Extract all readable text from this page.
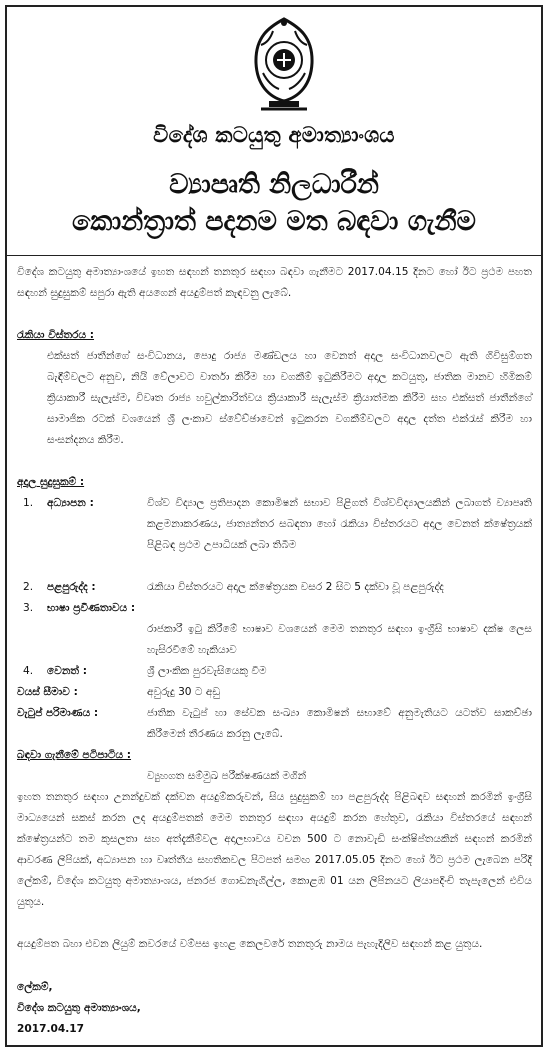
විදේශ කටයුතු අමාත්‍යාංශය
ව්‍යාපෘති නිලධාරීන්
කොන්ත්‍රාත් පදනම මත බඳවා ගැනීම
විදේශ කටයුතු අමාත්‍යාංශයේ ඉහත සඳහන් තනතුර සඳහා බඳවා ගැනීමට 2017.04.15 දිනට හෝ ඊට ප්‍රථම පහත සඳහන් සුදුසුකම් සපුරා ඇති අයගෙන් අයදුම්පත් කැඳවනු ලැබේ.
රැකියා විස්තරය :
එක්සත් ජාතීන්ගේ සංවිධානය, පොදු රාජ්‍ය මණ්ඩලය හා වෙනත් අදාල සංවිධානවලට ඇති ගිවිසුම්ගත බැඳීම්වලට අනුව, නියි වේලාවට වාර්තා කිරීම හා වගකීම් ඉටුකිරීමට අදාල කටයුතු, ජාතික මානව හිමිකම් ක්‍රියාකාරී සැලැස්ම, විවෘත රාජ්‍ය හවුල්කාරිත්වය ක්‍රියාකාරී සැලැස්ම ක්‍රියාත්මක කිරීම සහ එක්සත් ජාතීන්ගේ සාමාජික රටක් වශයෙන් ශ්‍රී ලංකාව ස්වේච්ඡාවෙන් ඉටුකරන වගකීම්වලට අදාල දත්ත එක්රැස් කිරීම හා සංසන්දනය කිරීම.
අදාල සුදුසුකම් :
1. අධ්‍යාපන :	විශ්ව විද්‍යාල ප්‍රතිපාදන කොමිෂන් සභාව පිළිගත් විශ්වවිද්‍යාලයකින් ලබාගත් ව්‍යාපෘති කළමනාකරණය, ජාත්‍යන්තර සබඳතා හෝ රැකියා විස්තරයට අදාල වෙනත් ක්ෂේත්‍රයක් පිළිබඳ ප්‍රථම උපාධියක් ලබා තිබීම
2. පළපුරුද්ද :	රැකියා විස්තරයට අදාල ක්ෂේත්‍රයක වසර 2 සිට 5 දක්වා වූ පළපුරුද්ද
3. භාෂා ප්‍රවීණතාවය :
රාජකාරී ඉටු කිරීමේ භාෂාව වශයෙන් මෙම තනතුර සඳහා ඉංග්‍රීසි භාෂාව දක්ෂ ලෙස හැසිරවීමේ හැකියාව
4. වෙනත් :	ශ්‍රී ලාංකික පුරවැසියෙකු වීම
වයස් සීමාව :	අවුරුදු 30 ට අඩු
වැටුප් පරිමාණය :	ජාතික වැටුප් හා සේවක සංඛ්‍යා කොමිෂන් සභාවේ අනුමැතියට යටත්ව සාකච්ඡා කිරීමෙන් තීරණය කරනු ලැබේ.
බඳවා ගැනීමේ පටිපාටිය :
ව්‍යුහගත සම්මුඛ පරීක්ෂණයක් මගින්
ඉහත තනතුර සඳහා උනන්දුවක් දක්වන අයදුම්කරුවන්, සිය සුදුසුකම් හා පළපුරුද්ද පිළිබඳව සඳහන් කරමින් ඉංග්‍රීසි මාධ්‍යයෙන් සකස් කරන ලද අයදුම්පතක් මෙම තනතුර සඳහා අයදුම් කරන හේතුව, රැකියා විස්තරයේ සඳහන් ක්ෂේත්‍රයන්ට තම කුසලතා සහ අත්දැකීම්වල අදාලභාවය වචන 500 ට නොවැඩි සංක්ෂිප්තයකින් සඳහන් කරමින් ආවරණ ලිපියක්, අධ්‍යාපන හා වෘත්තීය සහතිකවල පිටපත් සමඟ 2017.05.05 දිනට හෝ ඊට ප්‍රථම ලැබෙන පරිදි ලේකම්, විදේශ කටයුතු අමාත්‍යාංශය, ජනරජ ගොඩනැගිල්ල, කොළඹ 01 යන ලිපිනයට ලියාපදිංචි තැපැලෙන් එවිය යුතුය.
අයදුම්පත බහා එවන ලියුම් කවරයේ වම්පස ඉහළ කෙලවරේ තනතුරු නාමය පැහැදිලිව සඳහන් කළ යුතුය.
ලේකම්,
විදේශ කටයුතු අමාත්‍යාංශය,
2017.04.17
